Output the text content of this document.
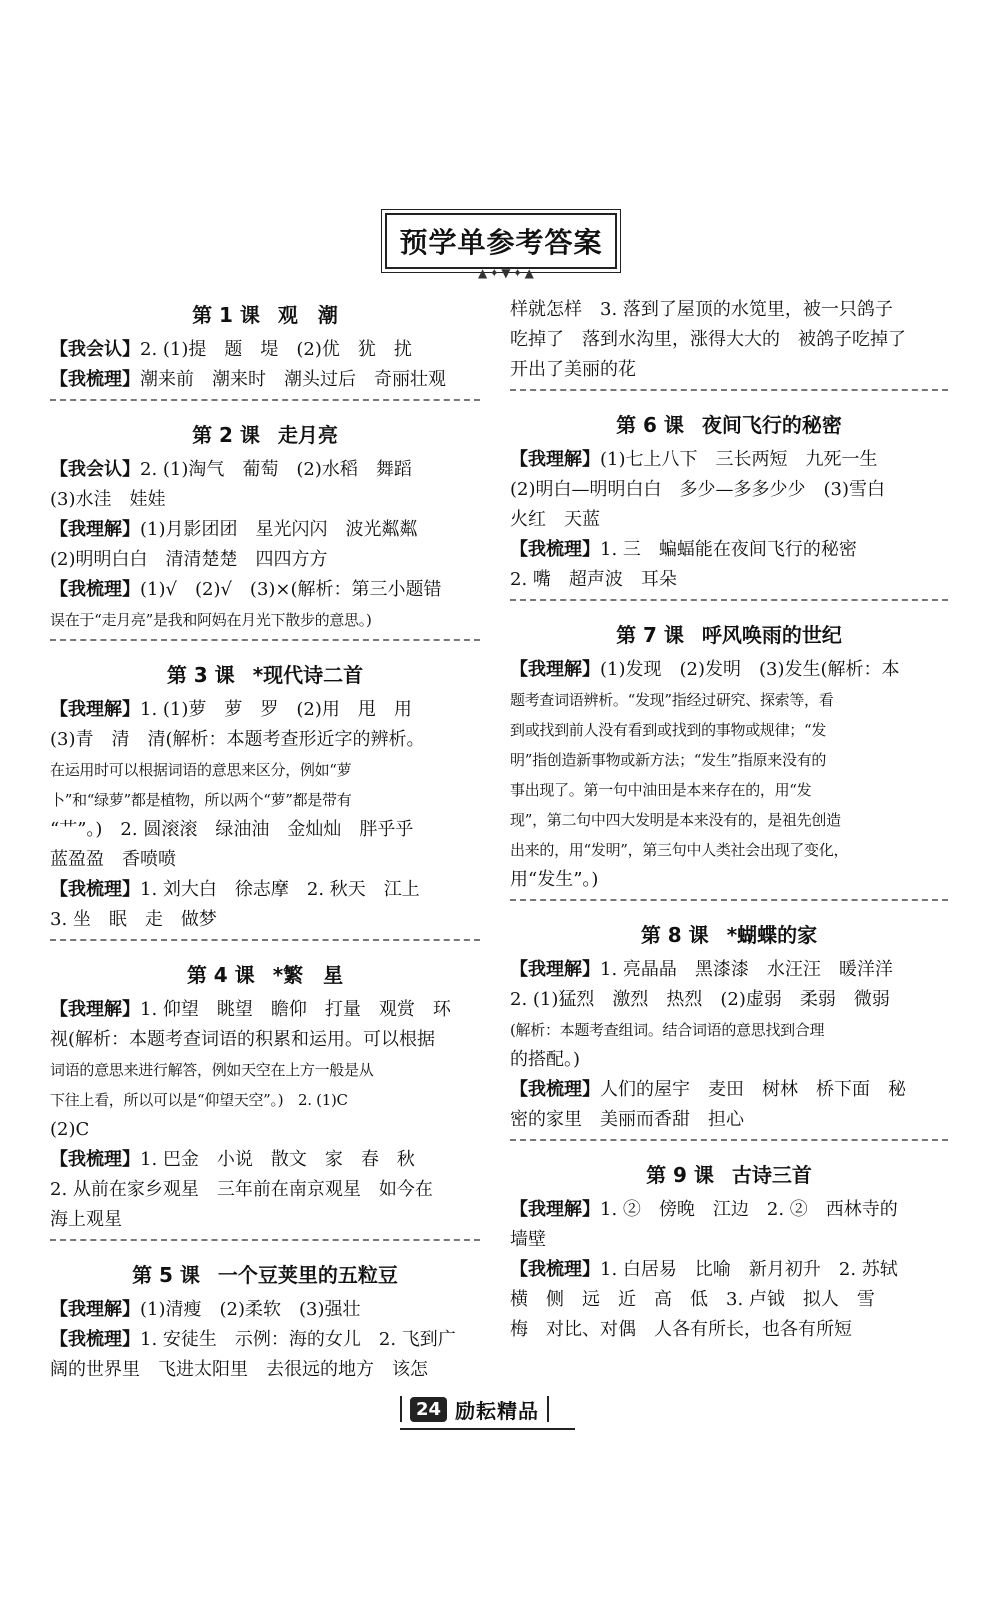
预学单参考答案
▲✦▼✦▲
第 1 课 观　潮
【我会认】2. (1)提　题　堤　(2)优　犹　扰
【我梳理】潮来前　潮来时　潮头过后　奇丽壮观
第 2 课 走月亮
【我会认】2. (1)淘气　葡萄　(2)水稻　舞蹈
(3)水洼　娃娃
【我理解】(1)月影团团　星光闪闪　波光粼粼
(2)明明白白　清清楚楚　四四方方
【我梳理】(1)√　(2)√　(3)×(解析：第三小题错
误在于“走月亮”是我和阿妈在月光下散步的意思。)
第 3 课 *现代诗二首
【我理解】1. (1)萝　萝　罗　(2)用　甩　用
(3)青　清　清(解析：本题考查形近字的辨析。
在运用时可以根据词语的意思来区分，例如“萝
卜”和“绿萝”都是植物，所以两个“萝”都是带有
“艹”。)　2. 圆滚滚　绿油油　金灿灿　胖乎乎
蓝盈盈　香喷喷
【我梳理】1. 刘大白　徐志摩　2. 秋天　江上
3. 坐　眠　走　做梦
第 4 课 *繁　星
【我理解】1. 仰望　眺望　瞻仰　打量　观赏　环
视(解析：本题考查词语的积累和运用。可以根据
词语的意思来进行解答，例如天空在上方一般是从
下往上看，所以可以是“仰望天空”。)　2. (1)C
(2)C
【我梳理】1. 巴金　小说　散文　家　春　秋
2. 从前在家乡观星　三年前在南京观星　如今在
海上观星
第 5 课 一个豆荚里的五粒豆
【我理解】(1)清瘦　(2)柔软　(3)强壮
【我梳理】1. 安徒生　示例：海的女儿　2. 飞到广
阔的世界里　飞进太阳里　去很远的地方　该怎
样就怎样　3. 落到了屋顶的水笕里，被一只鸽子
吃掉了　落到水沟里，涨得大大的　被鸽子吃掉了
开出了美丽的花
第 6 课 夜间飞行的秘密
【我理解】(1)七上八下　三长两短　九死一生
(2)明白—明明白白　多少—多多少少　(3)雪白
火红　天蓝
【我梳理】1. 三　蝙蝠能在夜间飞行的秘密
2. 嘴　超声波　耳朵
第 7 课 呼风唤雨的世纪
【我理解】(1)发现　(2)发明　(3)发生(解析：本
题考查词语辨析。“发现”指经过研究、探索等，看
到或找到前人没有看到或找到的事物或规律；“发
明”指创造新事物或新方法；“发生”指原来没有的
事出现了。第一句中油田是本来存在的，用“发
现”，第二句中四大发明是本来没有的，是祖先创造
出来的，用“发明”，第三句中人类社会出现了变化，
用“发生”。)
第 8 课 *蝴蝶的家
【我理解】1. 亮晶晶　黑漆漆　水汪汪　暖洋洋
2. (1)猛烈　激烈　热烈　(2)虚弱　柔弱　微弱
(解析：本题考查组词。结合词语的意思找到合理
的搭配。)
【我梳理】人们的屋宇　麦田　树林　桥下面　秘
密的家里　美丽而香甜　担心
第 9 课 古诗三首
【我理解】1. ②　傍晚　江边　2. ②　西林寺的
墙壁
【我梳理】1. 白居易　比喻　新月初升　2. 苏轼
横　侧　远　近　高　低　3. 卢钺　拟人　雪
梅　对比、对偶　人各有所长，也各有所短
24 励耘精品
